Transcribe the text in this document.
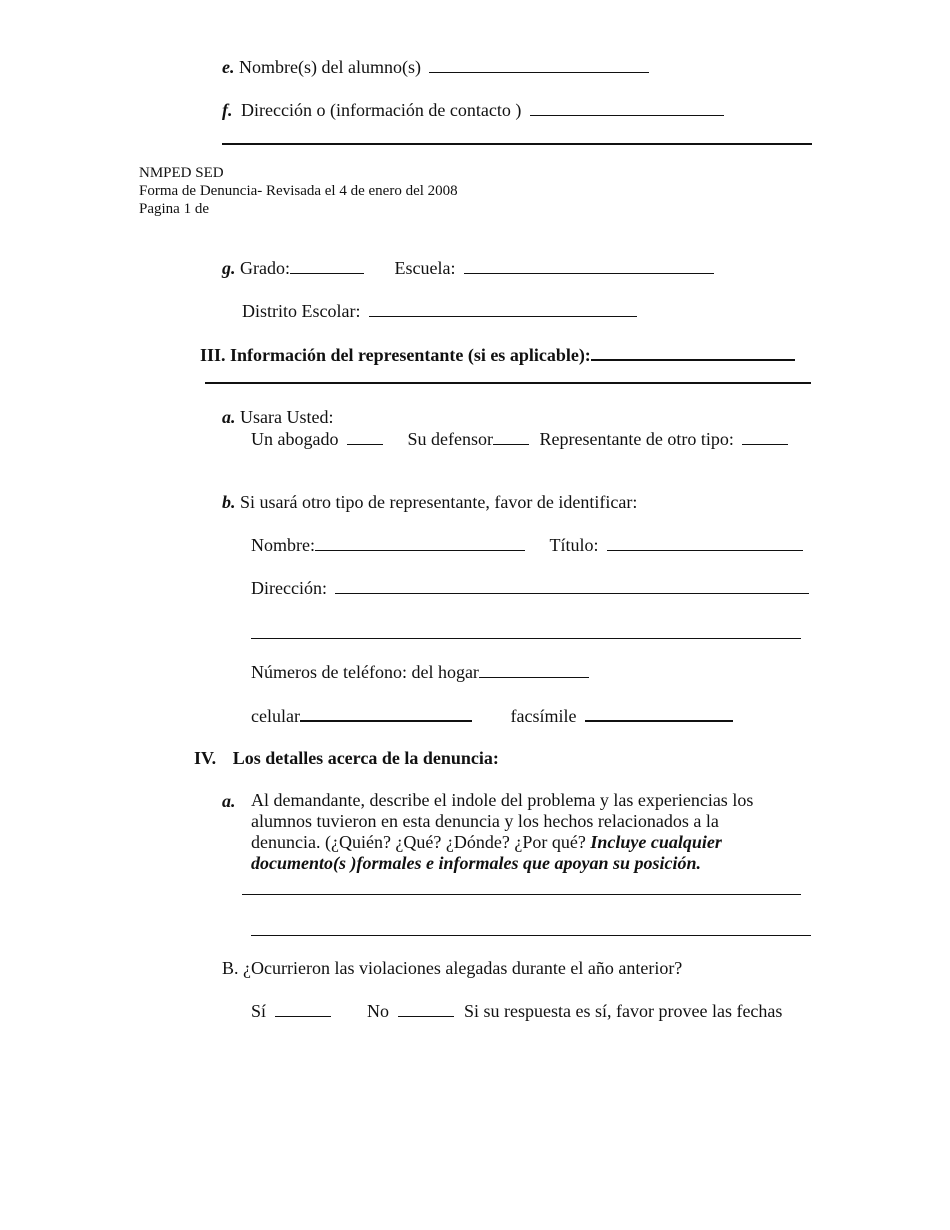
e. Nombre(s) del alumno(s)
f. Dirección o (información de contacto )
NMPED SED
Forma de Denuncia- Revisada el 4 de enero del 2008
Pagina 1 de
g. Grado:	Escuela:
Distrito Escolar:
III. Información del representante (si es aplicable):
a. Usara Usted:
Un abogado	Su defensor	Representante de otro tipo:
b. Si usará otro tipo de representante, favor de identificar:
Nombre:	Título:
Dirección:
Números de teléfono: del hogar
celular	facsímile
IV. Los detalles acerca de la denuncia:
a. Al demandante, describe el indole del problema y las experiencias los alumnos tuvieron en esta denuncia y los hechos relacionados a la denuncia. (¿Quién? ¿Qué? ¿Dónde? ¿Por qué? Incluye cualquier documento(s )formales e informales que apoyan su posición.
B. ¿Ocurrieron las violaciones alegadas durante el año anterior?
Sí	No	Si su respuesta es sí, favor provee las fechas
